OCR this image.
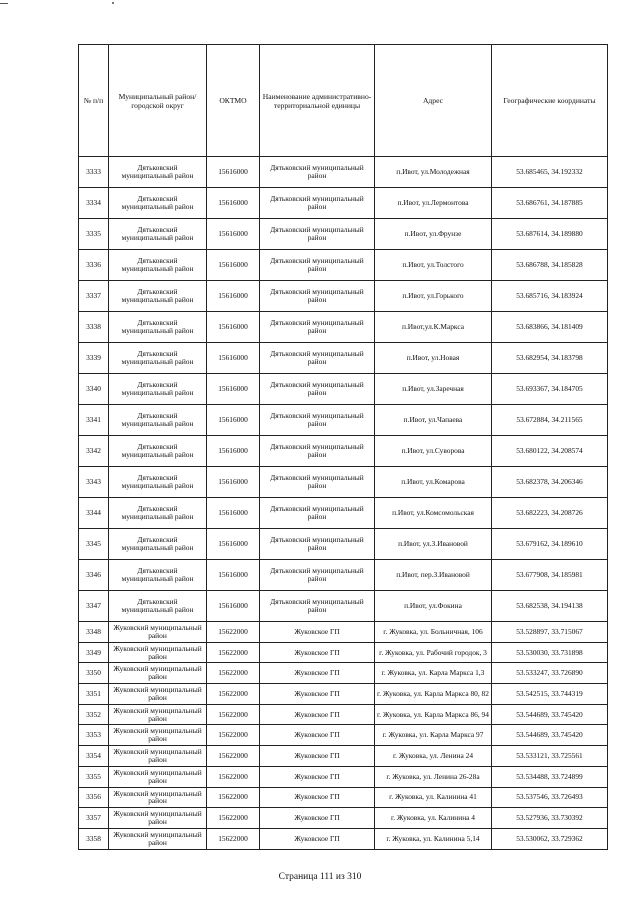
№ п/п	Муниципальный район/городской округ	ОКТМО	Наименование административно-территориальной единицы	Адрес	Географические координаты
3333	Дятьковский муниципальный район	15616000	Дятьковский муниципальный район	п.Ивот, ул.Молодежная	53.685465, 34.192332
3334	Дятьковский муниципальный район	15616000	Дятьковский муниципальный район	п.Ивот, ул.Лермонтова	53.686761, 34.187885
3335	Дятьковский муниципальный район	15616000	Дятьковский муниципальный район	п.Ивот, ул.Фрунзе	53.687614, 34.189880
3336	Дятьковский муниципальный район	15616000	Дятьковский муниципальный район	п.Ивот, ул.Толстого	53.686788, 34.185828
3337	Дятьковский муниципальный район	15616000	Дятьковский муниципальный район	п.Ивот, ул.Горького	53.685716, 34.183924
3338	Дятьковский муниципальный район	15616000	Дятьковский муниципальный район	п.Ивот,ул.К.Маркса	53.683866, 34.181409
3339	Дятьковский муниципальный район	15616000	Дятьковский муниципальный район	п.Ивот, ул.Новая	53.682954, 34.183798
3340	Дятьковский муниципальный район	15616000	Дятьковский муниципальный район	п.Ивот, ул.Заречная	53.693367, 34.184705
3341	Дятьковский муниципальный район	15616000	Дятьковский муниципальный район	п.Ивот, ул.Чапаева	53.672884, 34.211565
3342	Дятьковский муниципальный район	15616000	Дятьковский муниципальный район	п.Ивот, ул.Суворова	53.680122, 34.208574
3343	Дятьковский муниципальный район	15616000	Дятьковский муниципальный район	п.Ивот, ул.Комарова	53.682378, 34.206346
3344	Дятьковский муниципальный район	15616000	Дятьковский муниципальный район	п.Ивот, ул.Комсомольская	53.682223, 34.208726
3345	Дятьковский муниципальный район	15616000	Дятьковский муниципальный район	п.Ивот, ул.З.Ивановой	53.679162, 34.189610
3346	Дятьковский муниципальный район	15616000	Дятьковский муниципальный район	п.Ивот, пер.З.Ивановой	53.677908, 34.185981
3347	Дятьковский муниципальный район	15616000	Дятьковский муниципальный район	п.Ивот, ул.Фокина	53.682538, 34.194138
3348	Жуковский муниципальный район	15622000	Жуковское ГП	г. Жуковка, ул. Больничная, 106	53.528897, 33.715067
3349	Жуковский муниципальный район	15622000	Жуковское ГП	г. Жуковка, ул. Рабочий городок, 3	53.530030, 33.731898
3350	Жуковский муниципальный район	15622000	Жуковское ГП	г. Жуковка, ул. Карла Маркса 1,3	53.533247, 33.726890
3351	Жуковский муниципальный район	15622000	Жуковское ГП	г. Жуковка, ул. Карла Маркса 80, 82	53.542515, 33.744319
3352	Жуковский муниципальный район	15622000	Жуковское ГП	г. Жуковка, ул. Карла Маркса 86, 94	53.544689, 33.745420
3353	Жуковский муниципальный район	15622000	Жуковское ГП	г. Жуковка, ул. Карла Маркса 97	53.544689, 33.745420
3354	Жуковский муниципальный район	15622000	Жуковское ГП	г. Жуковка, ул. Ленина 24	53.533121, 33.725561
3355	Жуковский муниципальный район	15622000	Жуковское ГП	г. Жуковка, ул. Ленина 26-28а	53.534488, 33.724899
3356	Жуковский муниципальный район	15622000	Жуковское ГП	г. Жуковка, ул. Калинина 41	53.537546, 33.726493
3357	Жуковский муниципальный район	15622000	Жуковское ГП	г. Жуковка, ул. Калинина 4	53.527936, 33.730392
3358	Жуковский муниципальный район	15622000	Жуковское ГП	г. Жуковка, ул. Калинина 5,14	53.530062, 33.729362
Страница 111 из 310
